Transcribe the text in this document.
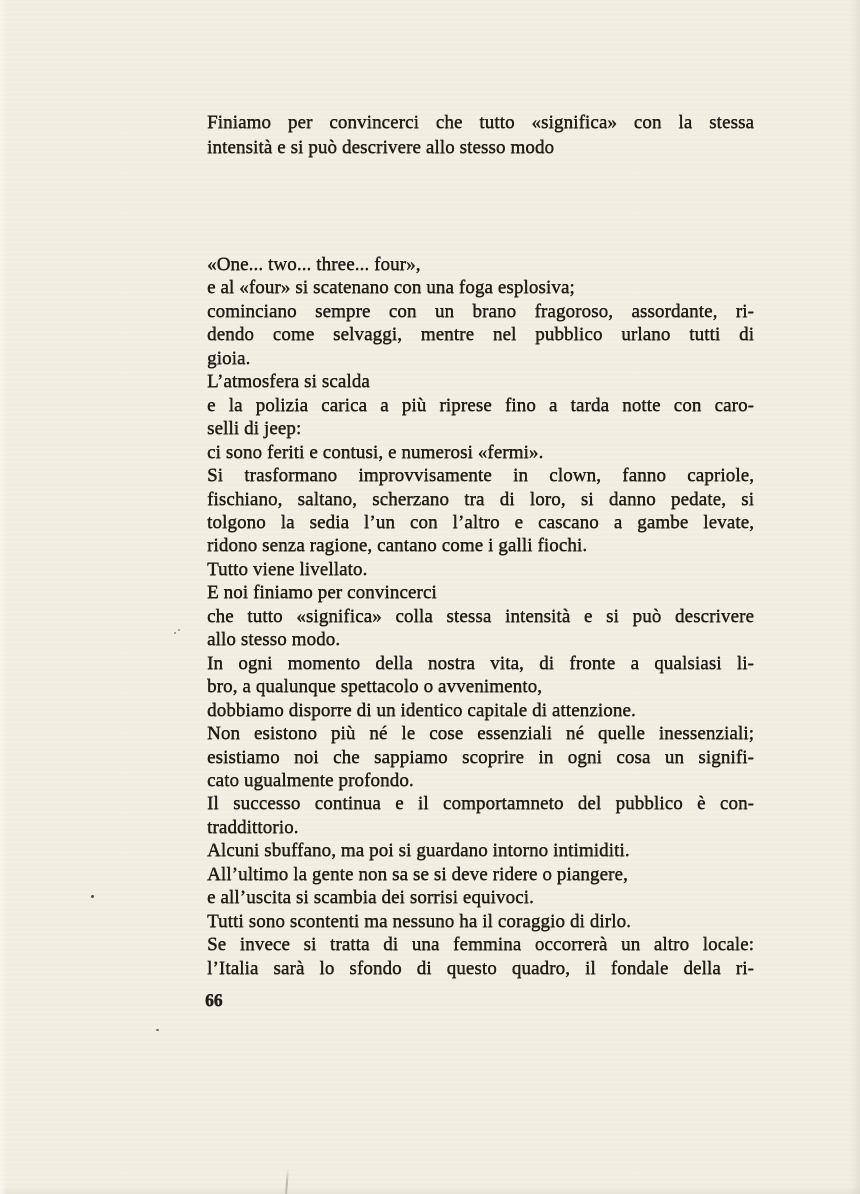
Finiamo per convincerci che tutto «significa» con la stessa
intensità e si può descrivere allo stesso modo
«One... two... three... four»,
e al «four» si scatenano con una foga esplosiva;
cominciano sempre con un brano fragoroso, assordante, ri-
dendo come selvaggi, mentre nel pubblico urlano tutti di
gioia.
L’atmosfera si scalda
e la polizia carica a più riprese fino a tarda notte con caro-
selli di jeep:
ci sono feriti e contusi, e numerosi «fermi».
Si trasformano improvvisamente in clown, fanno capriole,
fischiano, saltano, scherzano tra di loro, si danno pedate, si
tolgono la sedia l’un con l’altro e cascano a gambe levate,
ridono senza ragione, cantano come i galli fiochi.
Tutto viene livellato.
E noi finiamo per convincerci
che tutto «significa» colla stessa intensità e si può descrivere
allo stesso modo.
In ogni momento della nostra vita, di fronte a qualsiasi li-
bro, a qualunque spettacolo o avvenimento,
dobbiamo disporre di un identico capitale di attenzione.
Non esistono più né le cose essenziali né quelle inessenziali;
esistiamo noi che sappiamo scoprire in ogni cosa un signifi-
cato ugualmente profondo.
Il successo continua e il comportamneto del pubblico è con-
traddittorio.
Alcuni sbuffano, ma poi si guardano intorno intimiditi.
All’ultimo la gente non sa se si deve ridere o piangere,
e all’uscita si scambia dei sorrisi equivoci.
Tutti sono scontenti ma nessuno ha il coraggio di dirlo.
Se invece si tratta di una femmina occorrerà un altro locale:
l’Italia sarà lo sfondo di questo quadro, il fondale della ri-
66
